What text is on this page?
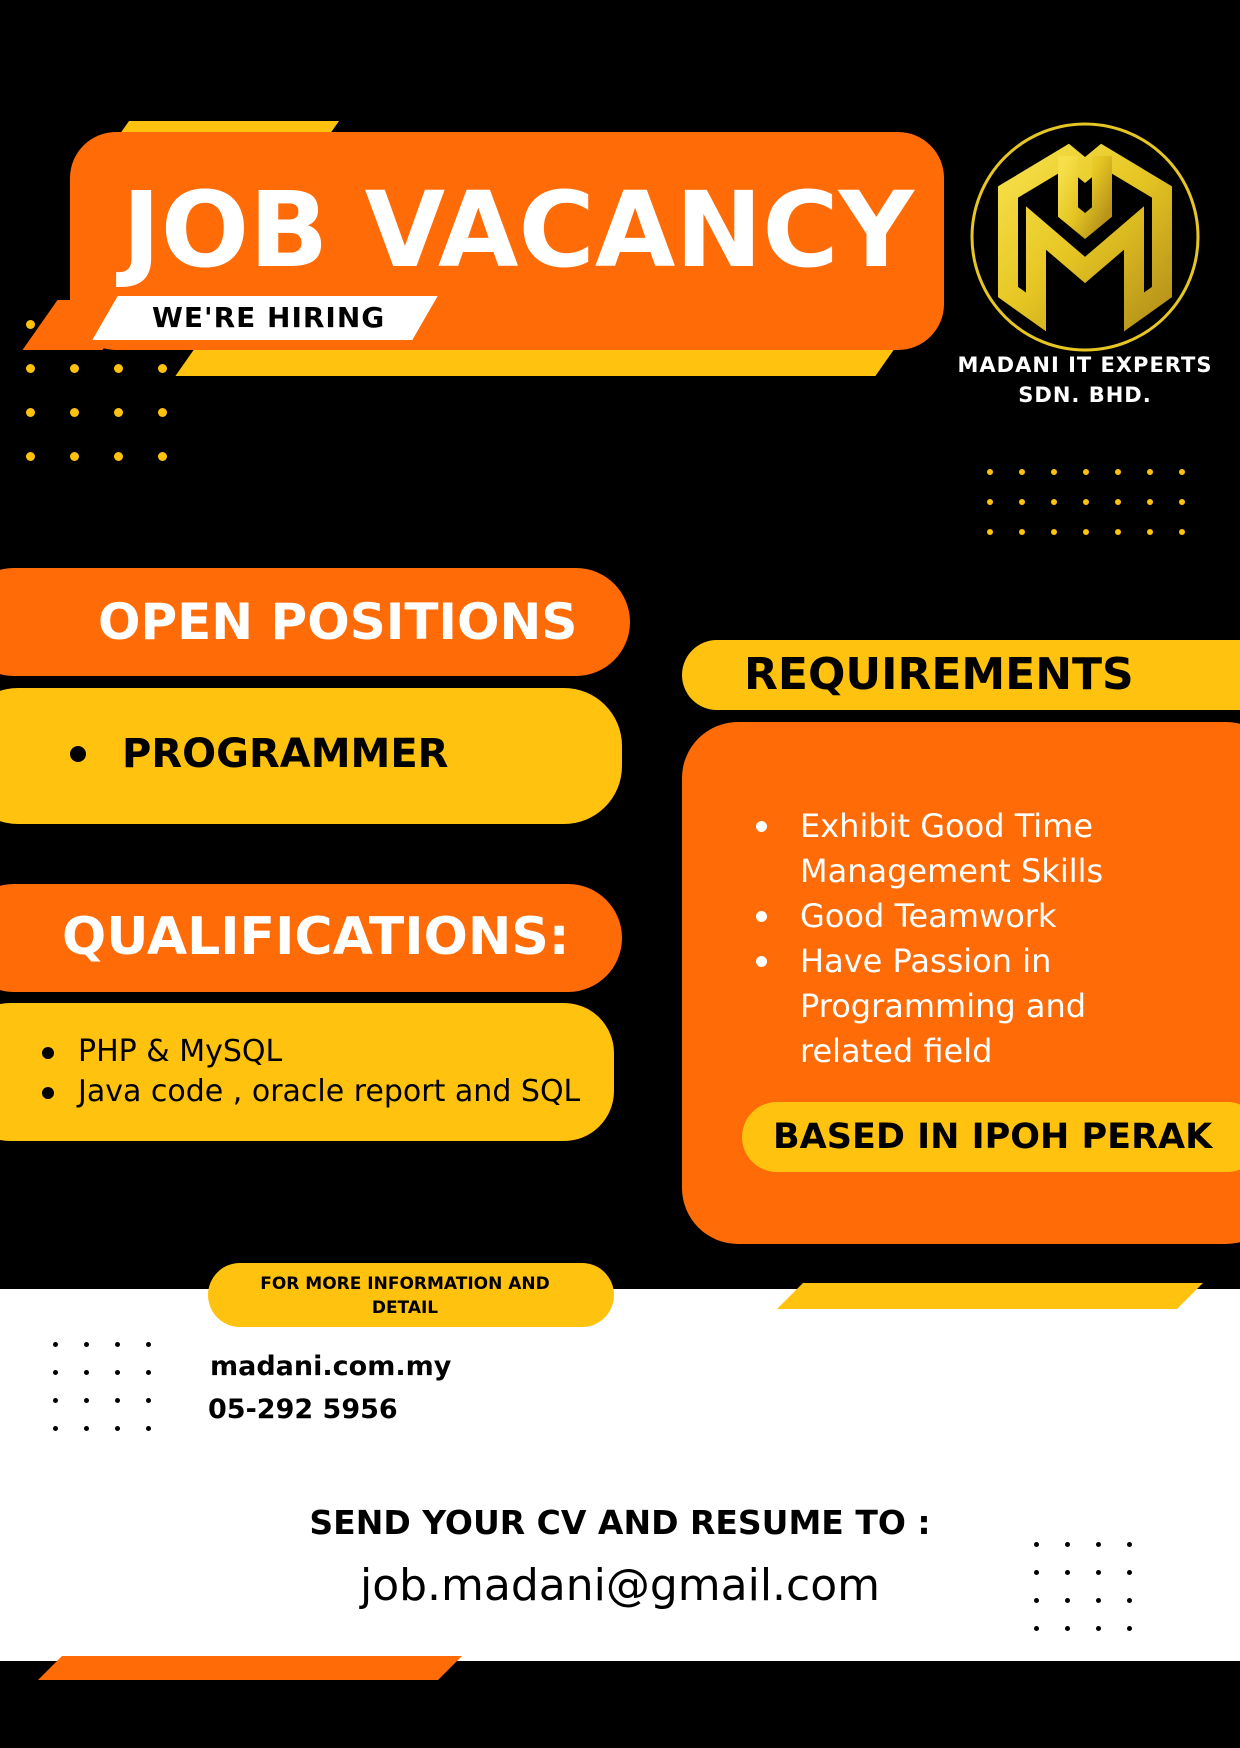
JOB VACANCY
WE'RE HIRING
MADANI IT EXPERTS
SDN. BHD.
OPEN POSITIONS
PROGRAMMER
QUALIFICATIONS:
PHP & MySQL
Java code , oracle report and SQL
REQUIREMENTS
Exhibit Good Time Management Skills
Good Teamwork
Have Passion in Programming and related field
BASED IN IPOH PERAK
FOR MORE INFORMATION AND
DETAIL
madani.com.my
05-292 5956
SEND YOUR CV AND RESUME TO :
job.madani@gmail.com
